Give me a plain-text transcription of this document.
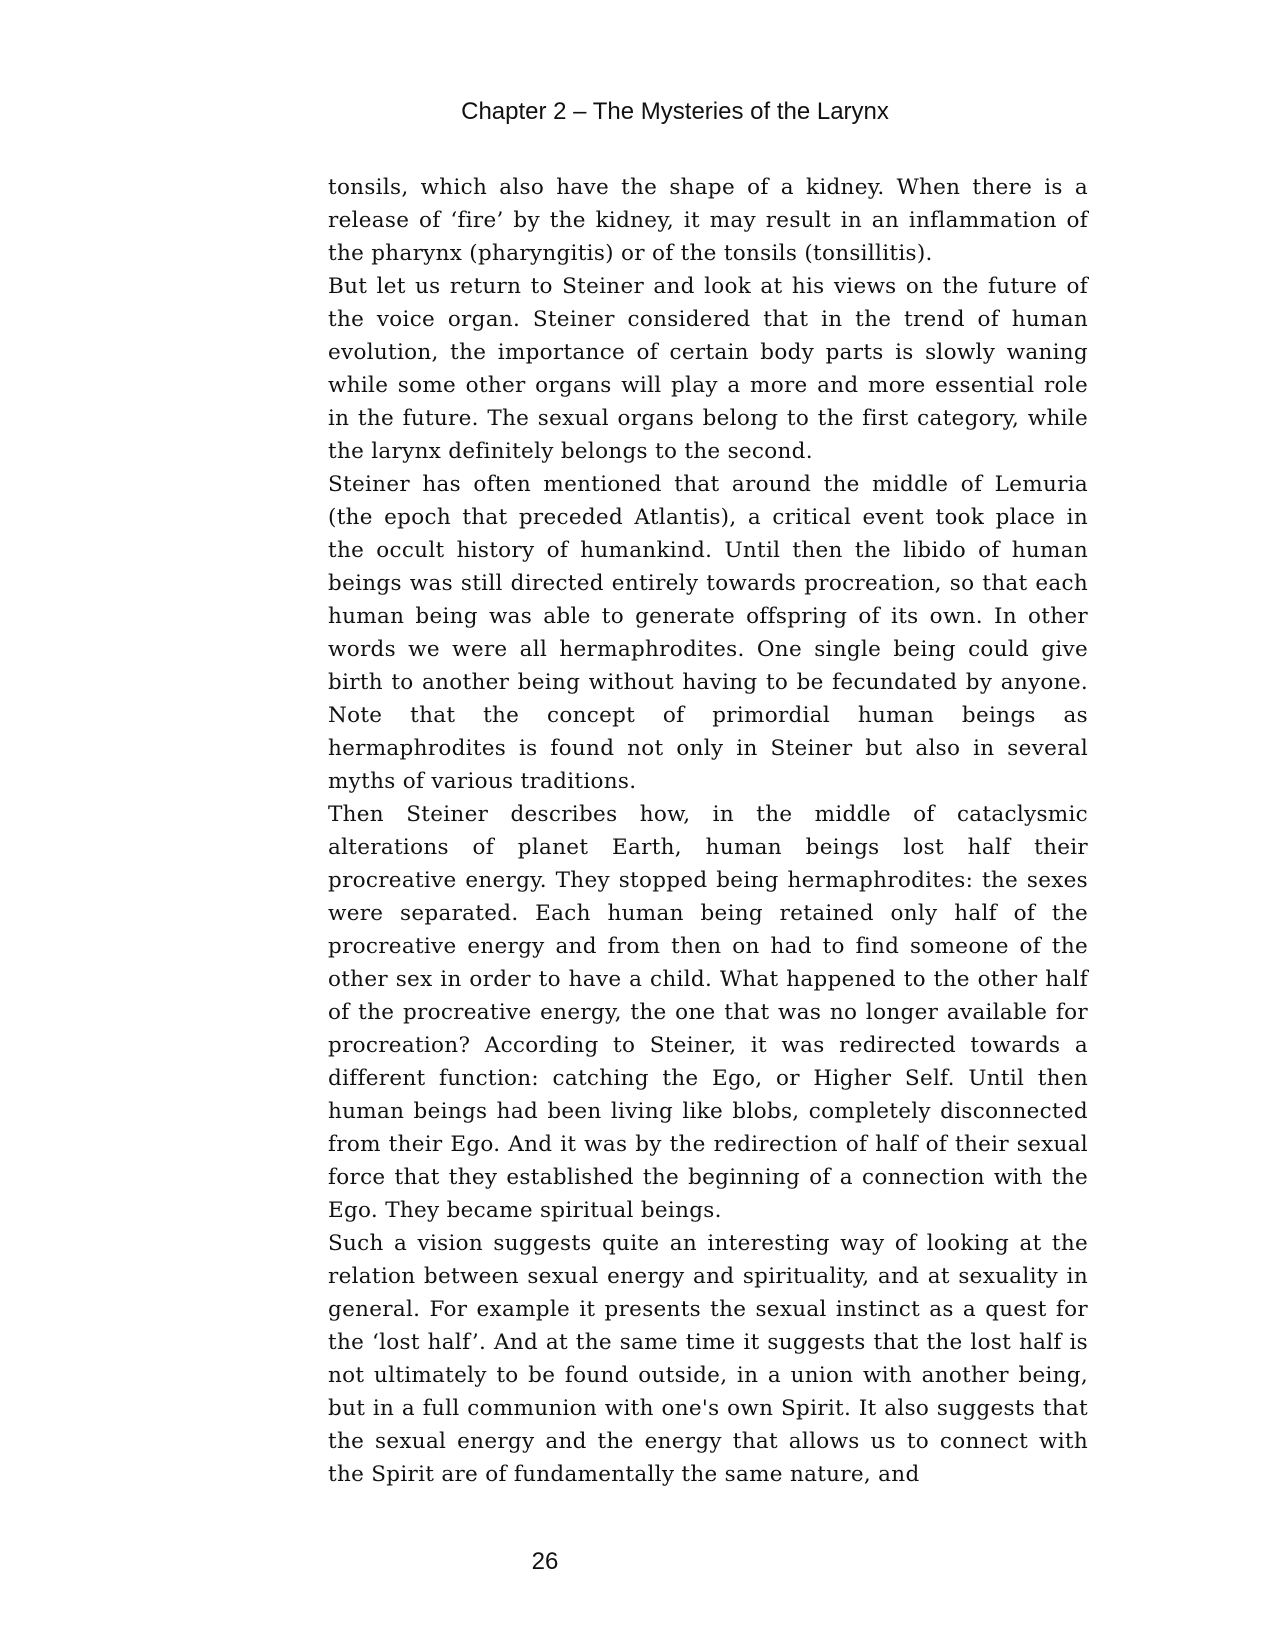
Chapter 2 – The Mysteries of the Larynx

tonsils, which also have the shape of a kidney. When there is a release of ‘fire’ by the kidney, it may result in an inflammation of the pharynx (pharyngitis) or of the tonsils (tonsillitis).

But let us return to Steiner and look at his views on the future of the voice organ. Steiner considered that in the trend of human evolution, the importance of certain body parts is slowly waning while some other organs will play a more and more essential role in the future. The sexual organs belong to the first category, while the larynx definitely belongs to the second.

Steiner has often mentioned that around the middle of Lemuria (the epoch that preceded Atlantis), a critical event took place in the occult history of humankind. Until then the libido of human beings was still directed entirely towards procreation, so that each human being was able to generate offspring of its own. In other words we were all hermaphrodites. One single being could give birth to another being without having to be fecundated by anyone. Note that the concept of primordial human beings as hermaphrodites is found not only in Steiner but also in several myths of various traditions.

Then Steiner describes how, in the middle of cataclysmic alterations of planet Earth, human beings lost half their procreative energy. They stopped being hermaphrodites: the sexes were separated. Each human being retained only half of the procreative energy and from then on had to find someone of the other sex in order to have a child. What happened to the other half of the procreative energy, the one that was no longer available for procreation? According to Steiner, it was redirected towards a different function: catching the Ego, or Higher Self. Until then human beings had been living like blobs, completely disconnected from their Ego. And it was by the redirection of half of their sexual force that they established the beginning of a connection with the Ego. They became spiritual beings.

Such a vision suggests quite an interesting way of looking at the relation between sexual energy and spirituality, and at sexuality in general. For example it presents the sexual instinct as a quest for the ‘lost half’. And at the same time it suggests that the lost half is not ultimately to be found outside, in a union with another being, but in a full communion with one's own Spirit. It also suggests that the sexual energy and the energy that allows us to connect with the Spirit are of fundamentally the same nature, and

26
